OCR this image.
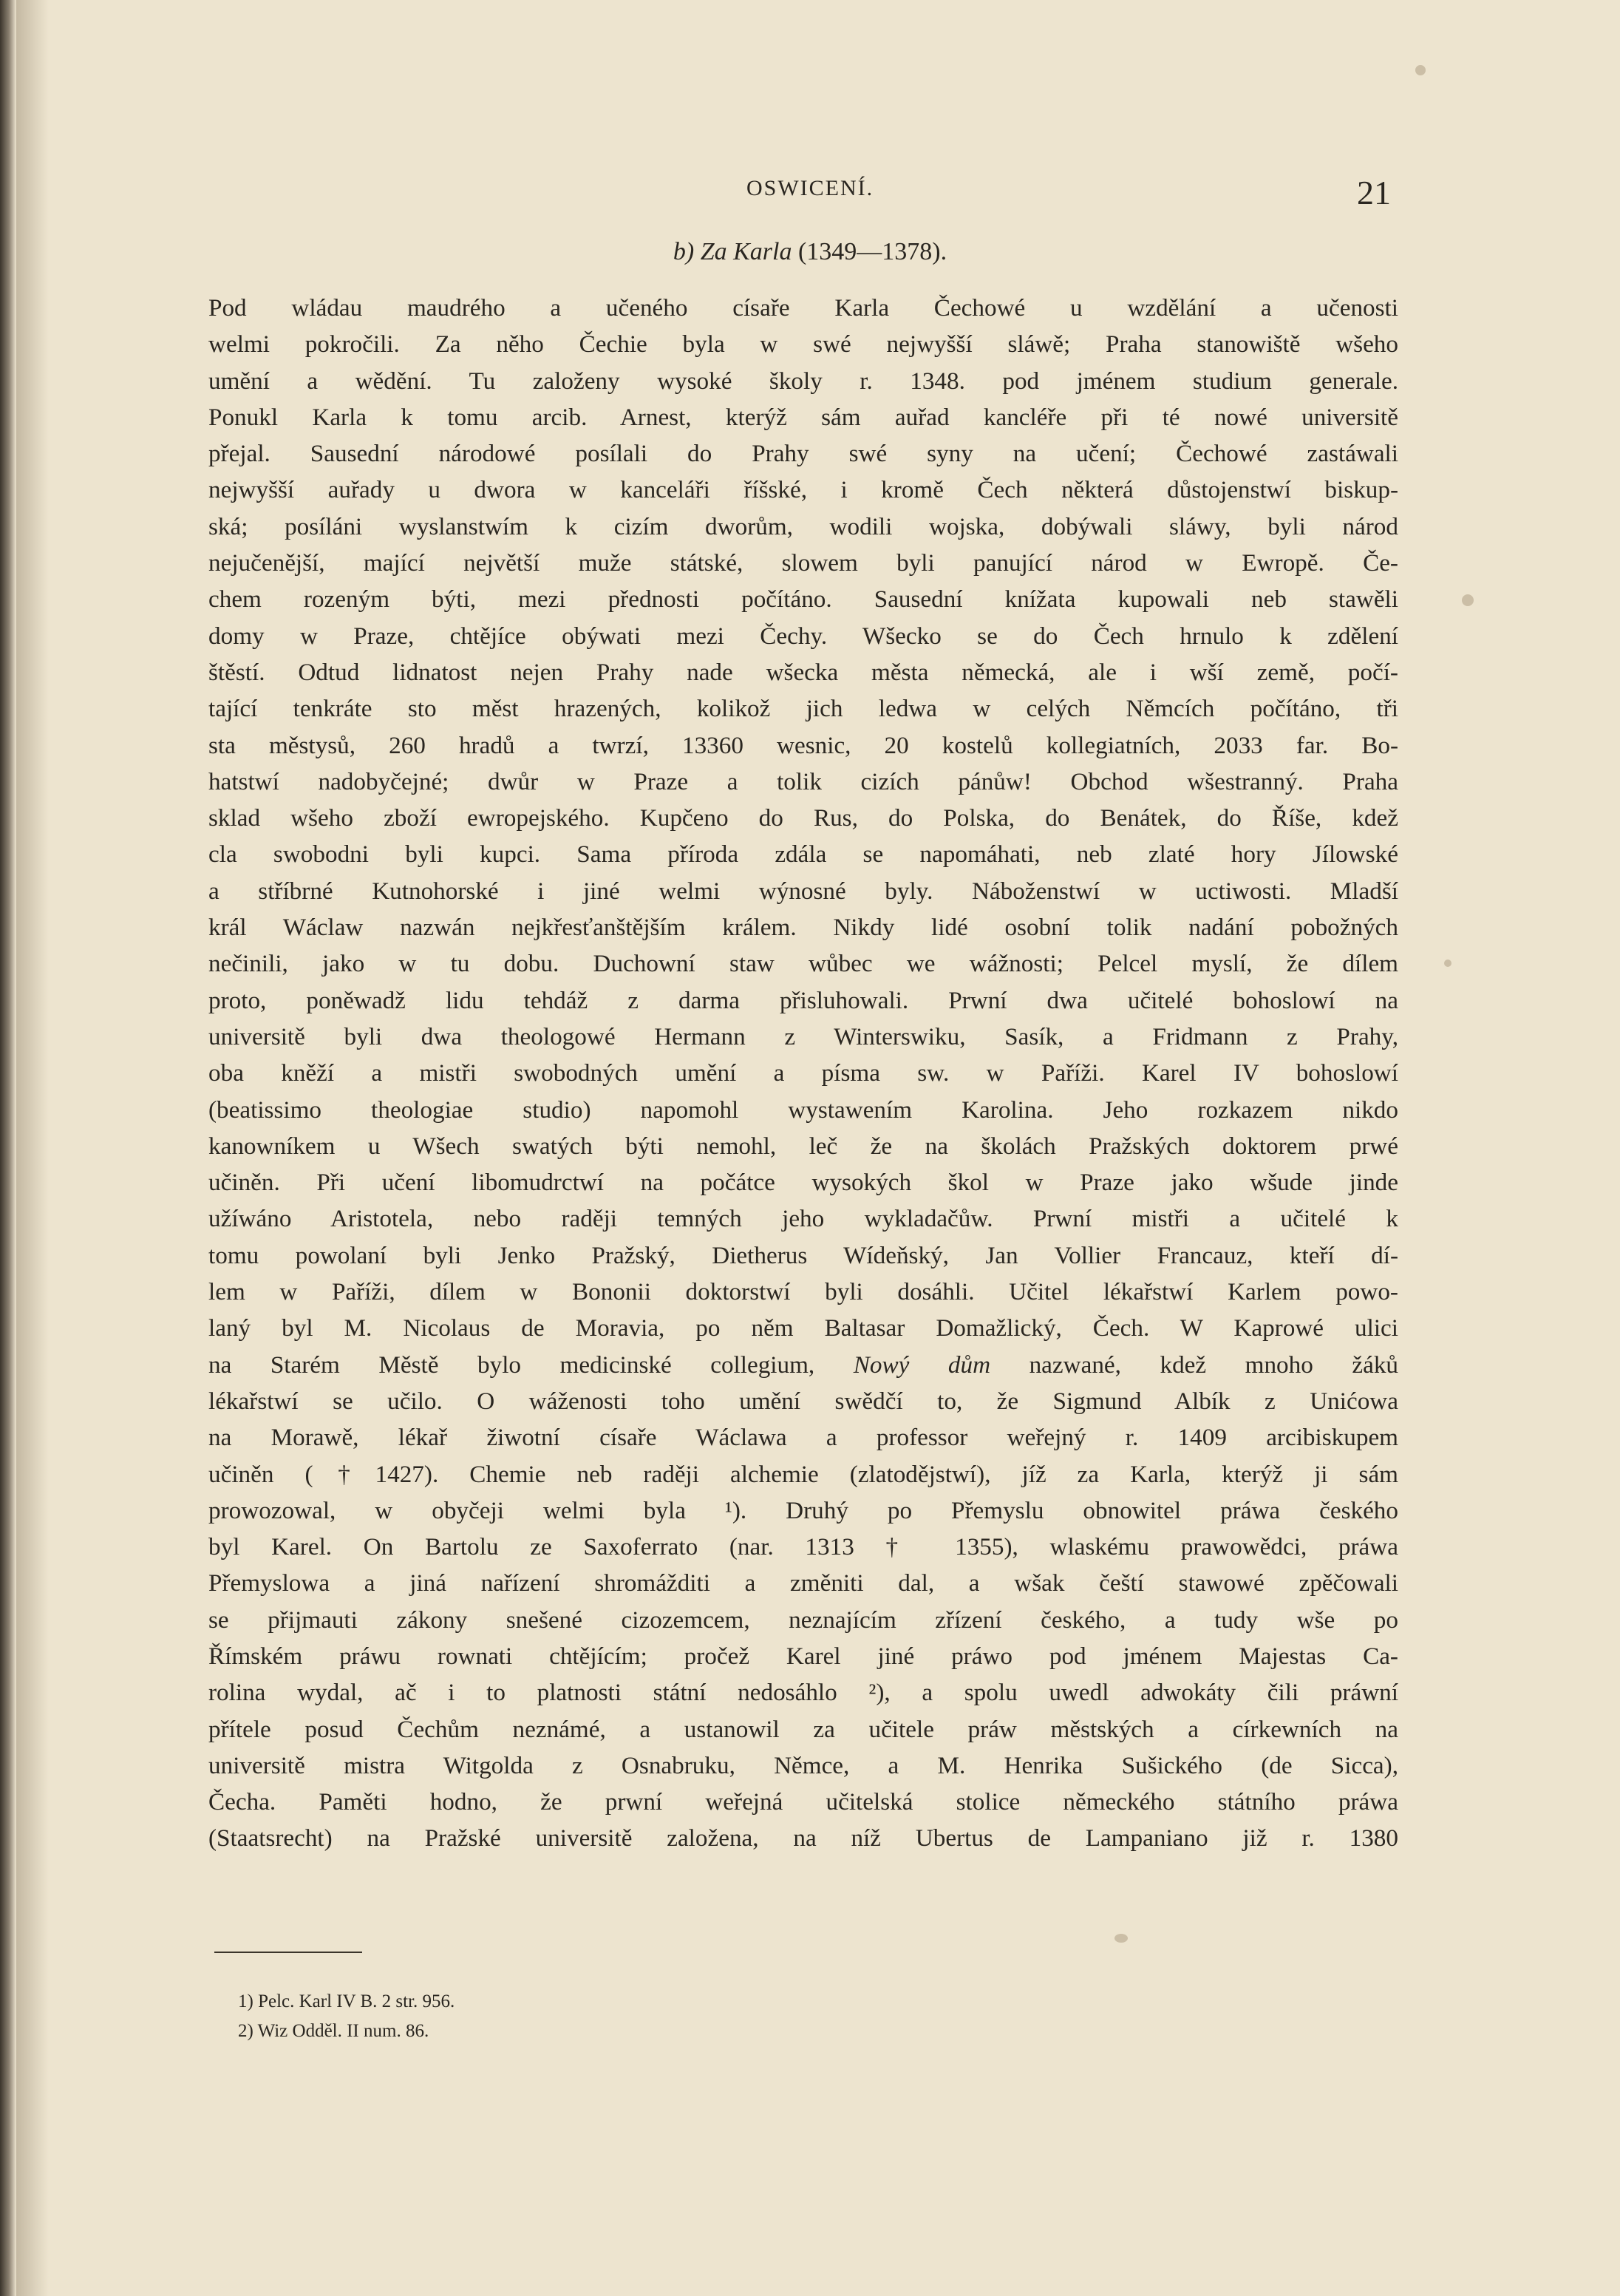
OSWICENÍ.	21
b) Za Karla (1349—1378).
Pod wládau maudrého a učeného císaře Karla Čechowé u wzdělání a učenosti
welmi pokročili. Za něho Čechie byla w swé nejwyšší sláwě; Praha stanowiště wšeho
umění a wědění. Tu založeny wysoké školy r. 1348. pod jménem studium generale.
Ponukl Karla k tomu arcib. Arnest, kterýž sám auřad kancléře při té nowé universitě
přejal. Sausední národowé posílali do Prahy swé syny na učení; Čechowé zastáwali
nejwyšší auřady u dwora w kanceláři říšské, i kromě Čech některá důstojenstwí biskup-
ská; posíláni wyslanstwím k cizím dworům, wodili wojska, dobýwali sláwy, byli národ
nejučenější, mající největší muže státské, slowem byli panující národ w Ewropě. Če-
chem rozeným býti, mezi přednosti počítáno. Sausední knížata kupowali neb stawěli
domy w Praze, chtějíce obýwati mezi Čechy. Wšecko se do Čech hrnulo k zdělení
štěstí. Odtud lidnatost nejen Prahy nade wšecka města německá, ale i wší země, počí-
tající tenkráte sto měst hrazených, kolikož jich ledwa w celých Němcích počítáno, tři
sta městysů, 260 hradů a twrzí, 13360 wesnic, 20 kostelů kollegiatních, 2033 far. Bo-
hatstwí nadobyčejné; dwůr w Praze a tolik cizích pánůw! Obchod wšestranný. Praha
sklad wšeho zboží ewropejského. Kupčeno do Rus, do Polska, do Benátek, do Říše, kdež
cla swobodni byli kupci. Sama příroda zdála se napomáhati, neb zlaté hory Jílowské
a stříbrné Kutnohorské i jiné welmi wýnosné byly. Náboženstwí w uctiwosti. Mladší
král Wáclaw nazwán nejkřesťanštějším králem. Nikdy lidé osobní tolik nadání pobožných
nečinili, jako w tu dobu. Duchowní staw wůbec we wážnosti; Pelcel myslí, že dílem
proto, poněwadž lidu tehdáž z darma přisluhowali. Prwní dwa učitelé bohoslowí na
universitě byli dwa theologowé Hermann z Winterswiku, Sasík, a Fridmann z Prahy,
oba kněží a mistři swobodných umění a písma sw. w Paříži. Karel IV bohoslowí
(beatissimo theologiae studio) napomohl wystawením Karolina. Jeho rozkazem nikdo
kanowníkem u Wšech swatých býti nemohl, leč že na školách Pražských doktorem prwé
učiněn. Při učení libomudrctwí na počátce wysokých škol w Praze jako wšude jinde
užíwáno Aristotela, nebo raději temných jeho wykladačůw. Prwní mistři a učitelé k
tomu powolaní byli Jenko Pražský, Dietherus Wídeňský, Jan Vollier Francauz, kteří dí-
lem w Paříži, dílem w Bononii doktorstwí byli dosáhli. Učitel lékařstwí Karlem powo-
laný byl M. Nicolaus de Moravia, po něm Baltasar Domažlický, Čech. W Kaprowé ulici
na Starém Městě bylo medicinské collegium, Nowý dům nazwané, kdež mnoho žáků
lékařstwí se učilo. O wáženosti toho umění swědčí to, že Sigmund Albík z Unićowa
na Morawě, lékař žiwotní císaře Wáclawa a professor weřejný r. 1409 arcibiskupem
učiněn (†1427). Chemie neb raději alchemie (zlatodějstwí), jíž za Karla, kterýž ji sám
prowozowal, w obyčeji welmi byla ¹). Druhý po Přemyslu obnowitel práwa českého
byl Karel. On Bartolu ze Saxoferrato (nar. 1313 † 1355), wlaskému prawowědci, práwa
Přemyslowa a jiná nařízení shromážditi a změniti dal, a wšak čeští stawowé zpěčowali
se přijmauti zákony snešené cizozemcem, neznajícím zřízení českého, a tudy wše po
Římském práwu rownati chtějícím; pročež Karel jiné práwo pod jménem Majestas Ca-
rolina wydal, ač i to platnosti státní nedosáhlo ²), a spolu uwedl adwokáty čili práwní
přítele posud Čechům neznámé, a ustanowil za učitele práw městských a církewních na
universitě mistra Witgolda z Osnabruku, Němce, a M. Henrika Sušického (de Sicca),
Čecha. Paměti hodno, že prwní weřejná učitelská stolice německého státního práwa
(Staatsrecht) na Pražské universitě založena, na níž Ubertus de Lampaniano již r. 1380
1) Pelc. Karl IV B. 2 str. 956.
2) Wiz Odděl. II num. 86.
